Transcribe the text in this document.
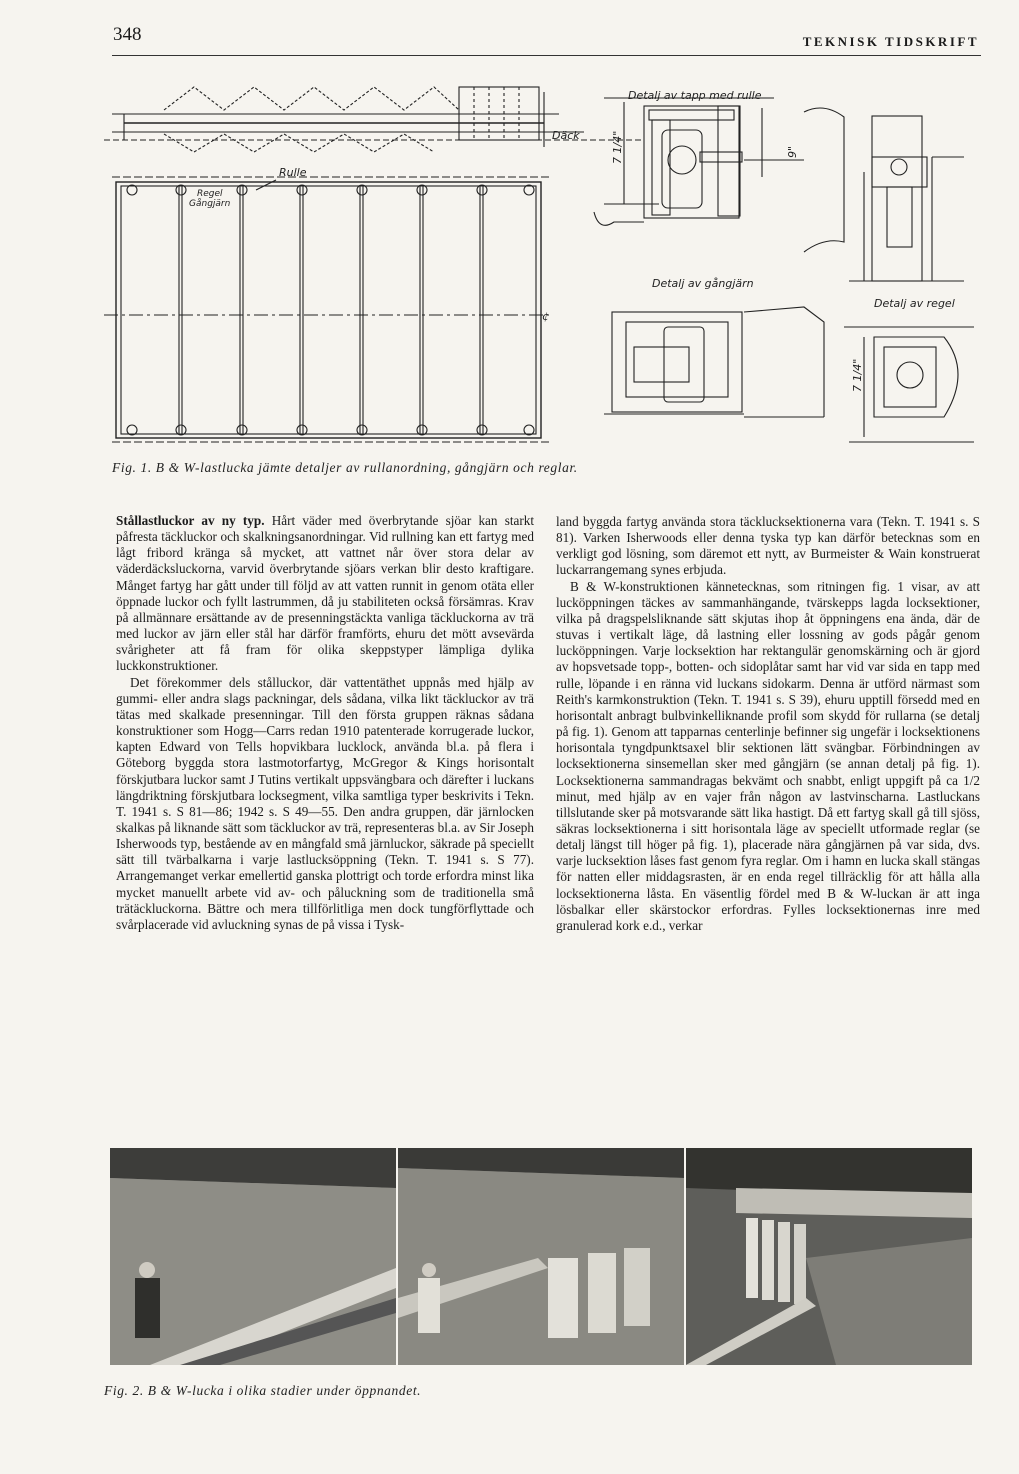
348	TEKNISK TIDSKRIFT
Däck
Rulle
Regel
Gångjärn
¢
Detalj av tapp med rulle
7 1/4"	9"
Detalj av gångjärn
Detalj av regel
7 1/4"
Fig. 1. B & W-lastlucka jämte detaljer av rullanordning, gångjärn och reglar.

Stållastluckor av ny typ. Hårt väder med överbrytande sjöar kan starkt påfresta täckluckor och skalkningsanordningar. Vid rullning kan ett fartyg med lågt fribord kränga så mycket, att vattnet når över stora delar av väderdäcksluckorna, varvid överbrytande sjöars verkan blir desto kraftigare. Månget fartyg har gått under till följd av att vatten runnit in genom otäta eller öppnade luckor och fyllt lastrummen, då ju stabiliteten också försämras. Krav på allmännare ersättande av de presenningstäckta vanliga täckluckorna av trä med luckor av järn eller stål har därför framförts, ehuru det mött avsevärda svårigheter att få fram för olika skeppstyper lämpliga dylika luckkonstruktioner.

Det förekommer dels stålluckor, där vattentäthet uppnås med hjälp av gummi- eller andra slags packningar, dels sådana, vilka likt täckluckor av trä tätas med skalkade presenningar. Till den första gruppen räknas sådana konstruktioner som Hogg—Carrs redan 1910 patenterade korrugerade luckor, kapten Edward von Tells hopvikbara lucklock, använda bl.a. på flera i Göteborg byggda stora lastmotorfartyg, McGregor & Kings horisontalt förskjutbara luckor samt J Tutins vertikalt uppsvängbara och därefter i luckans längdriktning förskjutbara locksegment, vilka samtliga typer beskrivits i Tekn. T. 1941 s. S 81—86; 1942 s. S 49—55. Den andra gruppen, där järnlocken skalkas på liknande sätt som täckluckor av trä, representeras bl.a. av Sir Joseph Isherwoods typ, bestående av en mångfald små järnluckor, säkrade på speciellt sätt till tvärbalkarna i varje lastlucksöppning (Tekn. T. 1941 s. S 77). Arrangemanget verkar emellertid ganska plottrigt och torde erfordra minst lika mycket manuellt arbete vid av- och påluckning som de traditionella små trätäckluckorna. Bättre och mera tillförlitliga men dock tungförflyttade och svårplacerade vid avluckning synas de på vissa i Tysk-

land byggda fartyg använda stora täcklucksektionerna vara (Tekn. T. 1941 s. S 81). Varken Isherwoods eller denna tyska typ kan därför betecknas som en verkligt god lösning, som däremot ett nytt, av Burmeister & Wain konstruerat luckarrangemang synes erbjuda.

B & W-konstruktionen kännetecknas, som ritningen fig. 1 visar, av att lucköppningen täckes av sammanhängande, tvärskepps lagda locksektioner, vilka på dragspelsliknande sätt skjutas ihop åt öppningens ena ända, där de stuvas i vertikalt läge, då lastning eller lossning av gods pågår genom lucköppningen. Varje locksektion har rektangulär genomskärning och är gjord av hopsvetsade topp-, botten- och sidoplåtar samt har vid var sida en tapp med rulle, löpande i en ränna vid luckans sidokarm. Denna är utförd närmast som Reith's karmkonstruktion (Tekn. T. 1941 s. S 39), ehuru upptill försedd med en horisontalt anbragt bulbvinkelliknande profil som skydd för rullarna (se detalj på fig. 1). Genom att tapparnas centerlinje befinner sig ungefär i locksektionens horisontala tyngdpunktsaxel blir sektionen lätt svängbar. Förbindningen av locksektionerna sinsemellan sker med gångjärn (se annan detalj på fig. 1). Locksektionerna sammandragas bekvämt och snabbt, enligt uppgift på ca 1/2 minut, med hjälp av en vajer från någon av lastvinscharna. Lastluckans tillslutande sker på motsvarande sätt lika hastigt. Då ett fartyg skall gå till sjöss, säkras locksektionerna i sitt horisontala läge av speciellt utformade reglar (se detalj längst till höger på fig. 1), placerade nära gångjärnen på var sida, dvs. varje lucksektion låses fast genom fyra reglar. Om i hamn en lucka skall stängas för natten eller middagsrasten, är en enda regel tillräcklig för att hålla alla locksektionerna låsta. En väsentlig fördel med B & W-luckan är att inga lösbalkar eller skärstockor erfordras. Fylles locksektionernas inre med granulerad kork e.d., verkar

Fig. 2. B & W-lucka i olika stadier under öppnandet.
